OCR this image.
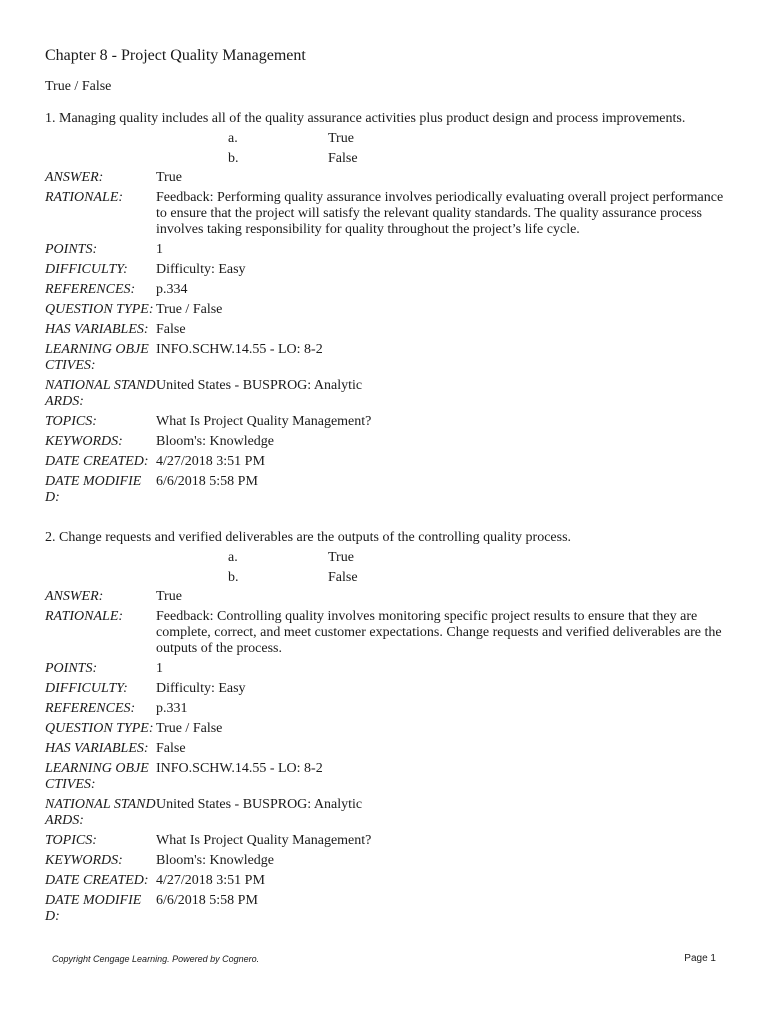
Chapter 8 - Project Quality Management
True / False

1. Managing quality includes all of the quality assurance activities plus product design and process improvements.

a.	True
b.	False
ANSWER:	True
RATIONALE:	Feedback: Performing quality assurance involves periodically evaluating overall project performance to ensure that the project will satisfy the relevant quality standards. The quality assurance process involves taking responsibility for quality throughout the project’s life cycle.
POINTS:	1
DIFFICULTY:	Difficulty: Easy
REFERENCES:	p.334
QUESTION TYPE: True / False
HAS VARIABLES: False
LEARNING OBJECTIVES:
INFO.SCHW.14.55 - LO: 8-2
NATIONAL STANDARDS:
United States - BUSPROG: Analytic
TOPICS:	What Is Project Quality Management?
KEYWORDS:	Bloom's: Knowledge
DATE CREATED: 4/27/2018 3:51 PM
DATE MODIFIED:
6/6/2018 5:58 PM

2. Change requests and verified deliverables are the outputs of the controlling quality process.

a.	True
b.	False
ANSWER:	True
RATIONALE:	Feedback: Controlling quality involves monitoring specific project results to ensure that they are complete, correct, and meet customer expectations. Change requests and verified deliverables are the outputs of the process.
POINTS:	1
DIFFICULTY:	Difficulty: Easy
REFERENCES:	p.331
QUESTION TYPE: True / False
HAS VARIABLES: False
LEARNING OBJECTIVES:
INFO.SCHW.14.55 - LO: 8-2
NATIONAL STANDARDS:
United States - BUSPROG: Analytic
TOPICS:	What Is Project Quality Management?
KEYWORDS:	Bloom's: Knowledge
DATE CREATED: 4/27/2018 3:51 PM
DATE MODIFIED:
6/6/2018 5:58 PM
Copyright Cengage Learning. Powered by Cognero.	Page 1
